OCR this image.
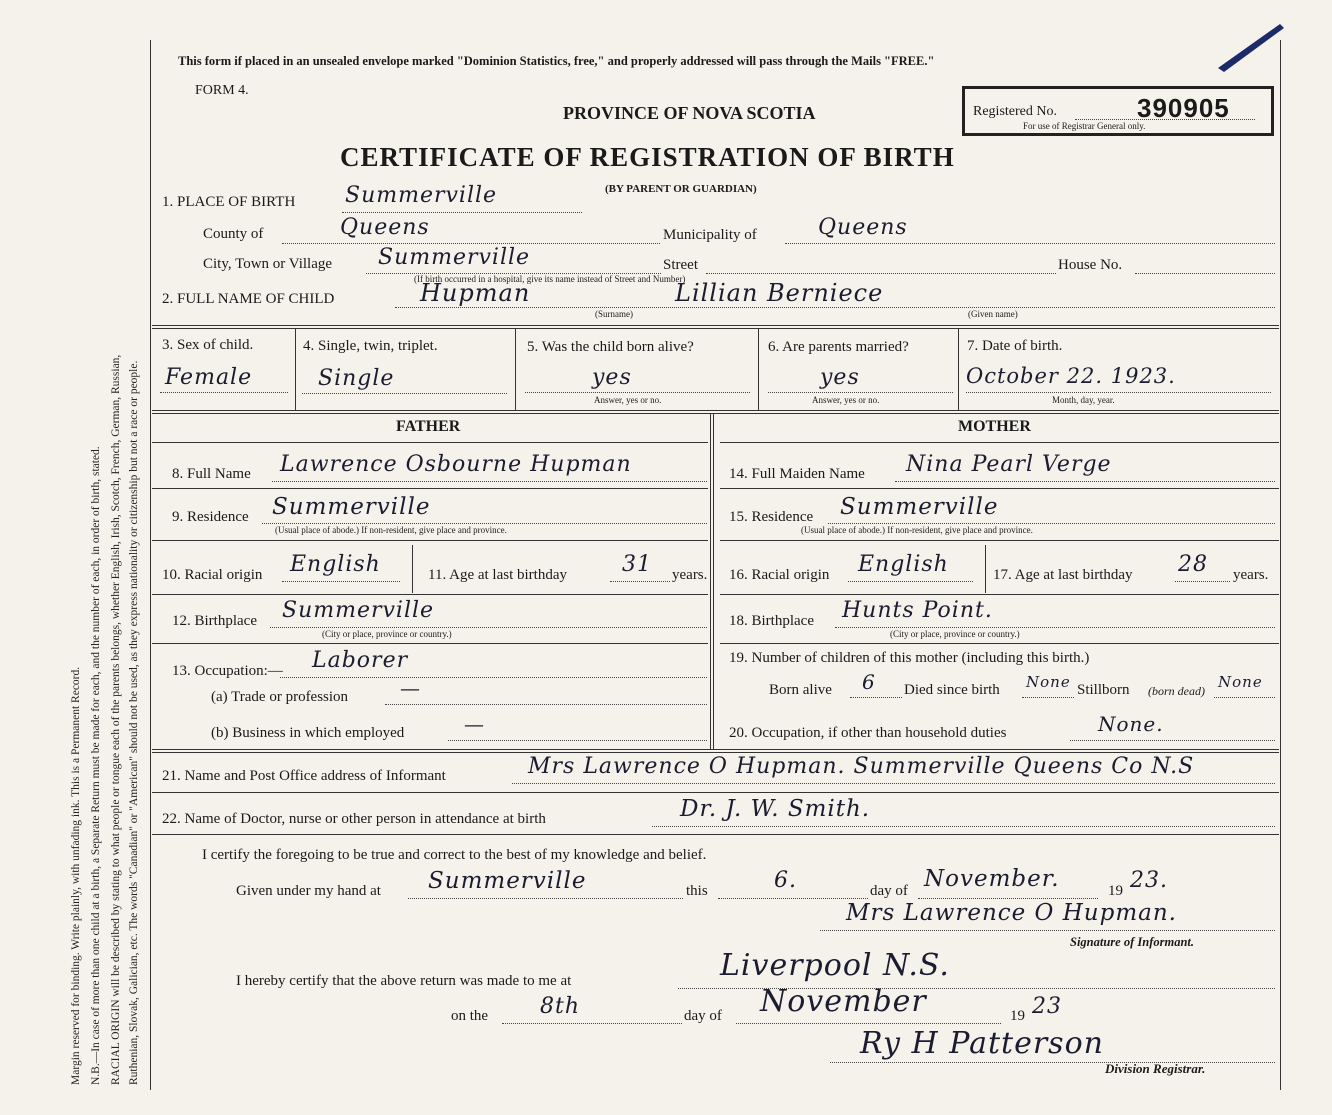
Margin reserved for binding. Write plainly, with unfading ink. This is a Permanent Record. N.B.—In case of more than one child at a birth, a Separate Return must be made for each, and the number of each, in order of birth, stated. RACIAL ORIGIN will be described by stating to what people or tongue each of the parents belongs, whether English, Irish, Scotch, French, German, Russian, Ruthenian, Slovak, Galician, etc. The words "Canadian" or "American" should not be used, as they express nationality or citizenship but not a race or people.
This form if placed in an unsealed envelope marked "Dominion Statistics, free," and properly addressed will pass through the Mails "FREE."
FORM 4.
PROVINCE OF NOVA SCOTIA
CERTIFICATE OF REGISTRATION OF BIRTH
(BY PARENT OR GUARDIAN)
Registered No.	390905
For use of Registrar General only.
1. PLACE OF BIRTH Summerville
County of	Queens	Municipality of	Queens
City, Town or Village Summerville	Street	House No.
(If birth occurred in a hospital, give its name instead of Street and Number)
2. FULL NAME OF CHILD	Hupman	Lillian Berniece
(Surname)	(Given name)
3. Sex of child.
Female
4. Single, twin, triplet.
Single
5. Was the child born alive?
yes
Answer, yes or no.
6. Are parents married?
yes
Answer, yes or no.
7. Date of birth.
October 22. 1923.
Month, day, year.
FATHER	MOTHER
8. Full Name Lawrence Osbourne Hupman
9. Residence Summerville
(Usual place of abode.) If non-resident, give place and province.
10. Racial origin English	11. Age at last birthday	31 years.
12. Birthplace Summerville
(City or place, province or country.)
13. Occupation:— Laborer
(a) Trade or profession	—
(b) Business in which employed	—
14. Full Maiden Name Nina Pearl Verge
15. Residence Summerville
(Usual place of abode.) If non-resident, give place and province.
16. Racial origin English	17. Age at last birthday 28 years.
18. Birthplace Hunts Point.
(City or place, province or country.)
19. Number of children of this mother (including this birth.)
Born alive 6 Died since birth None Stillborn (born dead) None
20. Occupation, if other than household duties	None.
21. Name and Post Office address of Informant	Mrs Lawrence O Hupman. Summerville Queens Co N.S
22. Name of Doctor, nurse or other person in attendance at birth	Dr. J. W. Smith.
I certify the foregoing to be true and correct to the best of my knowledge and belief.
Given under my hand at Summerville	this	6.	day of November.	19 23.
Mrs Lawrence O Hupman.
Signature of Informant.
I hereby certify that the above return was made to me at	Liverpool N.S.
on the 8th	day of November	19 23
Ry H Patterson
Division Registrar.
